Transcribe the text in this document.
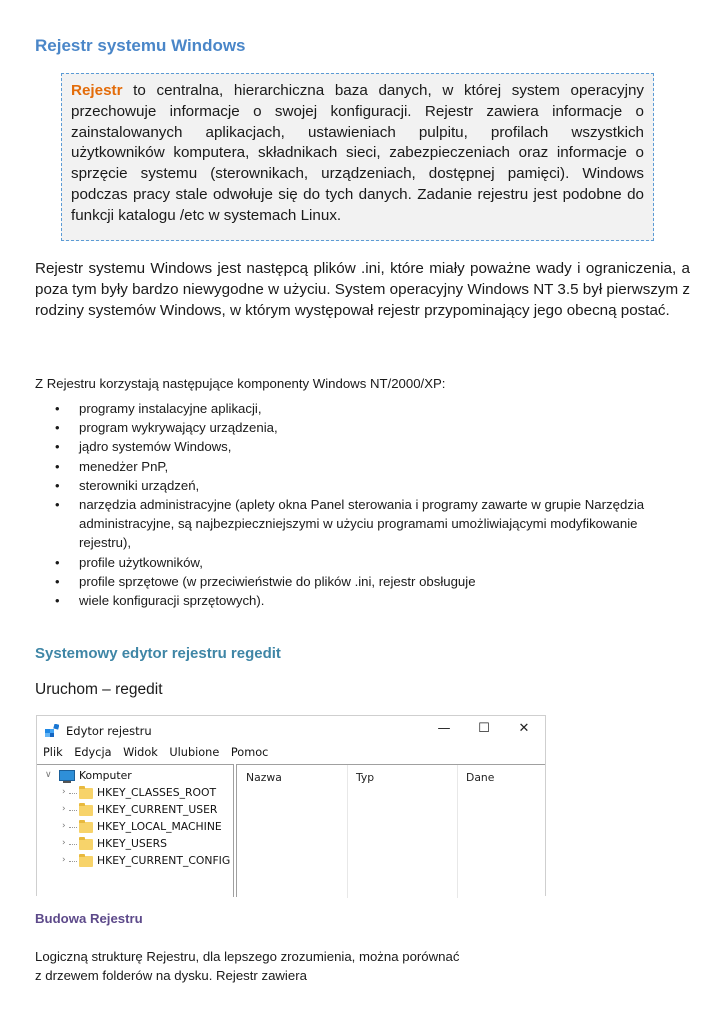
Rejestr systemu Windows

Rejestr to centralna, hierarchiczna baza danych, w której system operacyjny przechowuje informacje o swojej konfiguracji. Rejestr zawiera informacje o zainstalowanych aplikacjach, ustawieniach pulpitu, profilach wszystkich użytkowników komputera, składnikach sieci, zabezpieczeniach oraz informacje o sprzęcie systemu (sterownikach, urządzeniach, dostępnej pamięci). Windows podczas pracy stale odwołuje się do tych danych. Zadanie rejestru jest podobne do funkcji katalogu /etc w systemach Linux.

Rejestr systemu Windows jest następcą plików .ini, które miały poważne wady i ograniczenia, a poza tym były bardzo niewygodne w użyciu. System operacyjny Windows NT 3.5 był pierwszym z rodziny systemów Windows, w którym występował rejestr przypominający jego obecną postać.

Z Rejestru korzystają następujące komponenty Windows NT/2000/XP:

• programy instalacyjne aplikacji,
• program wykrywający urządzenia,
• jądro systemów Windows,
• menedżer PnP,
• sterowniki urządzeń,
• narzędzia administracyjne (aplety okna Panel sterowania i programy zawarte w grupie Narzędzia administracyjne, są najbezpieczniejszymi w użyciu programami umożliwiającymi modyfikowanie rejestru),
• profile użytkowników,
• profile sprzętowe (w przeciwieństwie do plików .ini, rejestr obsługuje
• wiele konfiguracji sprzętowych).
Systemowy edytor rejestru regedit
Uruchom – regedit
Edytor rejestru	—	☐	✕
Plik Edycja Widok Ulubione Pomoc
∨	Komputer
›	HKEY_CLASSES_ROOT
›	HKEY_CURRENT_USER
›	HKEY_LOCAL_MACHINE
›	HKEY_USERS
›	HKEY_CURRENT_CONFIG
Nazwa	Typ	Dane
Budowa Rejestru

Logiczną strukturę Rejestru, dla lepszego zrozumienia, można porównać
z drzewem folderów na dysku. Rejestr zawiera
